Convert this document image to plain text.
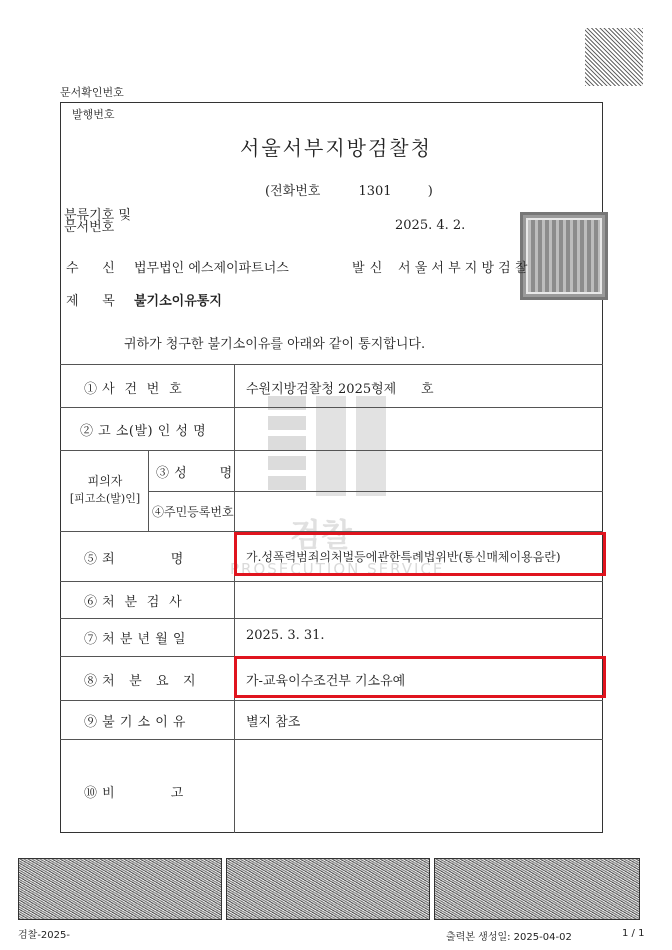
문서확인번호
발행번호
서울서부지방검찰청
(전화번호	1301	)
분류기호 및
문서번호	2025. 4. 2.
수     신 법무법인 에스제이파트너스	발 신 서 울 서 부 지 방 검 찰
제     목 불기소이유통지
귀하가 청구한 불기소이유를 아래와 같이 통지합니다.
검찰
PROSECUTION SERVICE
① 사  건  번  호	수원지방검찰청 2025형제      호
② 고 소(발) 인 성 명
피의자
[피고소(발)인]
③ 성       명
④주민등록번호
⑤ 죄            명	가.성폭력범죄의처벌등에관한특례법위반(통신매체이용음란)
⑥ 처  분  검  사
⑦ 처 분 년 월 일	2025. 3. 31.
⑧ 처   분   요   지	가-교육이수조건부 기소유예
⑨ 불 기 소 이 유	별지 참조
⑩ 비            고
검찰-2025-	출력본 생성일: 2025-04-02	1 / 1
